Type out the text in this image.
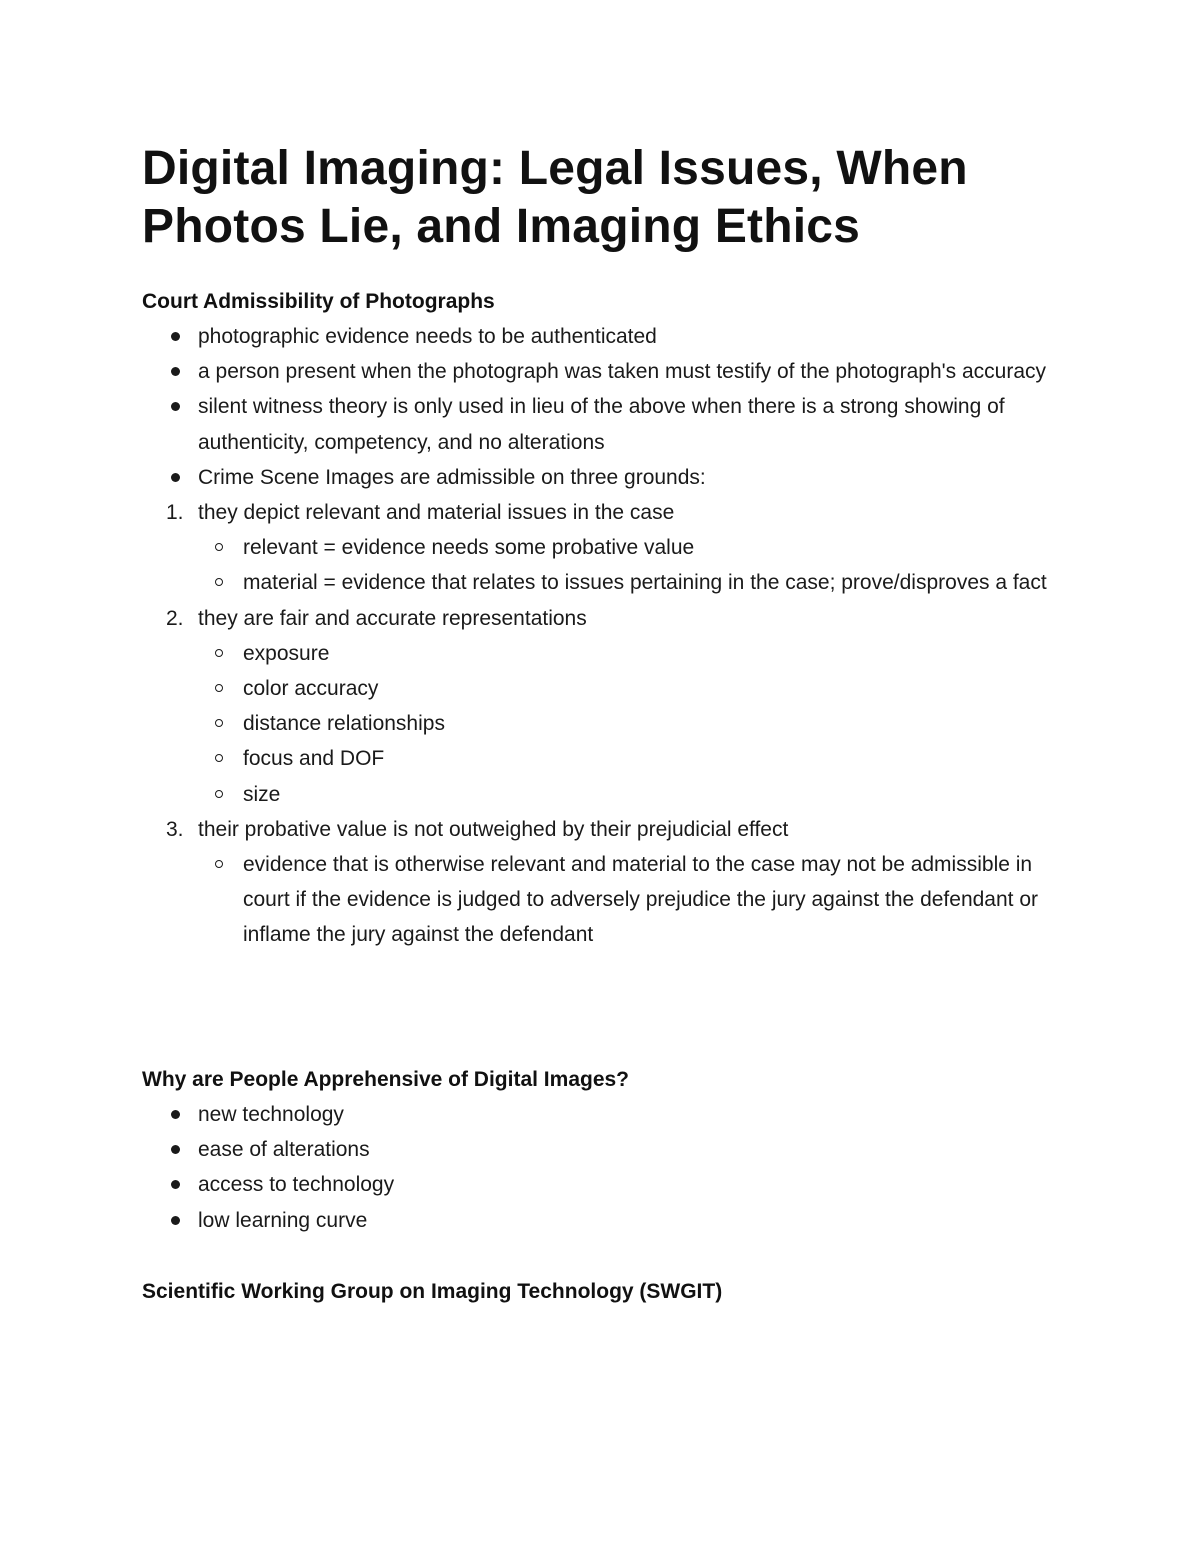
Digital Imaging: Legal Issues, When Photos Lie, and Imaging Ethics
Court Admissibility of Photographs
photographic evidence needs to be authenticated
a person present when the photograph was taken must testify of the photograph's accuracy
silent witness theory is only used in lieu of the above when there is a strong showing of authenticity, competency, and no alterations
Crime Scene Images are admissible on three grounds:
1. they depict relevant and material issues in the case
relevant = evidence needs some probative value
material = evidence that relates to issues pertaining in the case; prove/disproves a fact
2. they are fair and accurate representations
exposure
color accuracy
distance relationships
focus and DOF
size
3. their probative value is not outweighed by their prejudicial effect
evidence that is otherwise relevant and material to the case may not be admissible in court if the evidence is judged to adversely prejudice the jury against the defendant or inflame the jury against the defendant
Why are People Apprehensive of Digital Images?
new technology
ease of alterations
access to technology
low learning curve
Scientific Working Group on Imaging Technology (SWGIT)
